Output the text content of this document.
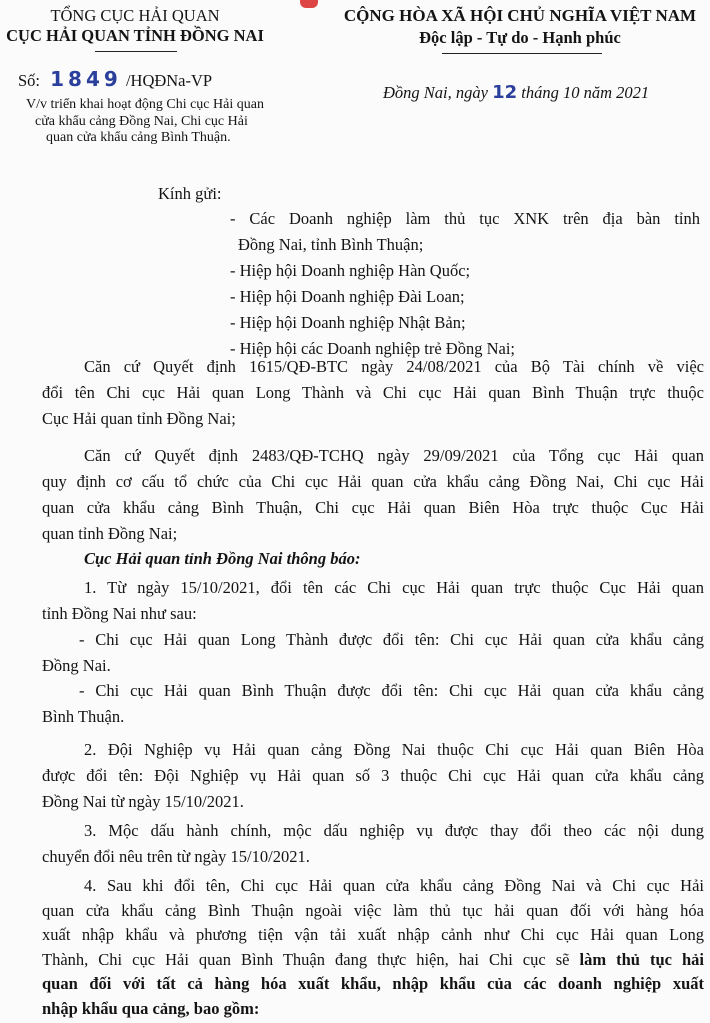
TỔNG CỤC HẢI QUAN
CỤC HẢI QUAN TỈNH ĐỒNG NAI
Số: 1849 /HQĐNa-VP
V/v triển khai hoạt động Chi cục Hải quan
cửa khẩu cảng Đồng Nai, Chi cục Hải
quan cửa khẩu cảng Bình Thuận.
CỘNG HÒA XÃ HỘI CHỦ NGHĨA VIỆT NAM
Độc lập - Tự do - Hạnh phúc
Đồng Nai, ngày 12 tháng 10 năm 2021
Kính gửi:
- Các Doanh nghiệp làm thủ tục XNK trên địa bàn tỉnh
Đồng Nai, tỉnh Bình Thuận;
- Hiệp hội Doanh nghiệp Hàn Quốc;
- Hiệp hội Doanh nghiệp Đài Loan;
- Hiệp hội Doanh nghiệp Nhật Bản;
- Hiệp hội các Doanh nghiệp trẻ Đồng Nai;
Căn cứ Quyết định 1615/QĐ-BTC ngày 24/08/2021 của Bộ Tài chính về việc
đổi tên Chi cục Hải quan Long Thành và Chi cục Hải quan Bình Thuận trực thuộc
Cục Hải quan tỉnh Đồng Nai;
Căn cứ Quyết định 2483/QĐ-TCHQ ngày 29/09/2021 của Tổng cục Hải quan
quy định cơ cấu tổ chức của Chi cục Hải quan cửa khẩu cảng Đồng Nai, Chi cục Hải
quan cửa khẩu cảng Bình Thuận, Chi cục Hải quan Biên Hòa trực thuộc Cục Hải
quan tỉnh Đồng Nai;
Cục Hải quan tỉnh Đồng Nai thông báo:
1. Từ ngày 15/10/2021, đổi tên các Chi cục Hải quan trực thuộc Cục Hải quan
tỉnh Đồng Nai như sau:
- Chi cục Hải quan Long Thành được đổi tên: Chi cục Hải quan cửa khẩu cảng
Đồng Nai.
- Chi cục Hải quan Bình Thuận được đổi tên: Chi cục Hải quan cửa khẩu cảng
Bình Thuận.
2. Đội Nghiệp vụ Hải quan cảng Đồng Nai thuộc Chi cục Hải quan Biên Hòa
được đổi tên: Đội Nghiệp vụ Hải quan số 3 thuộc Chi cục Hải quan cửa khẩu cảng
Đồng Nai từ ngày 15/10/2021.
3. Mộc dấu hành chính, mộc dấu nghiệp vụ được thay đổi theo các nội dung
chuyển đổi nêu trên từ ngày 15/10/2021.
4. Sau khi đổi tên, Chi cục Hải quan cửa khẩu cảng Đồng Nai và Chi cục Hải
quan cửa khẩu cảng Bình Thuận ngoài việc làm thủ tục hải quan đối với hàng hóa
xuất nhập khẩu và phương tiện vận tải xuất nhập cảnh như Chi cục Hải quan Long
Thành, Chi cục Hải quan Bình Thuận đang thực hiện, hai Chi cục sẽ làm thủ tục hải
quan đối với tất cả hàng hóa xuất khẩu, nhập khẩu của các doanh nghiệp xuất
nhập khẩu qua cảng, bao gồm:
